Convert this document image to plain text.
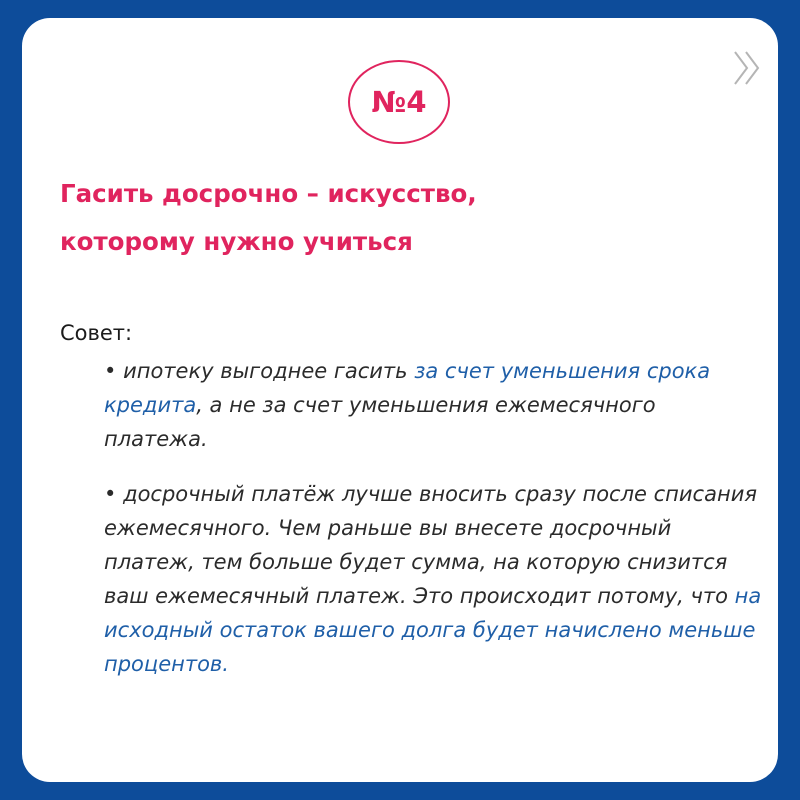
№4
Гасить досрочно – искусство,
которому нужно учиться
Совет:

• ипотеку выгоднее гасить за счет уменьшения срока кредита, а не за счет уменьшения ежемесячного платежа.

• досрочный платёж лучше вносить сразу после списания ежемесячного. Чем раньше вы внесете досрочный платеж, тем больше будет сумма, на которую снизится ваш ежемесячный платеж. Это происходит потому, что на исходный остаток вашего долга будет начислено меньше процентов.
